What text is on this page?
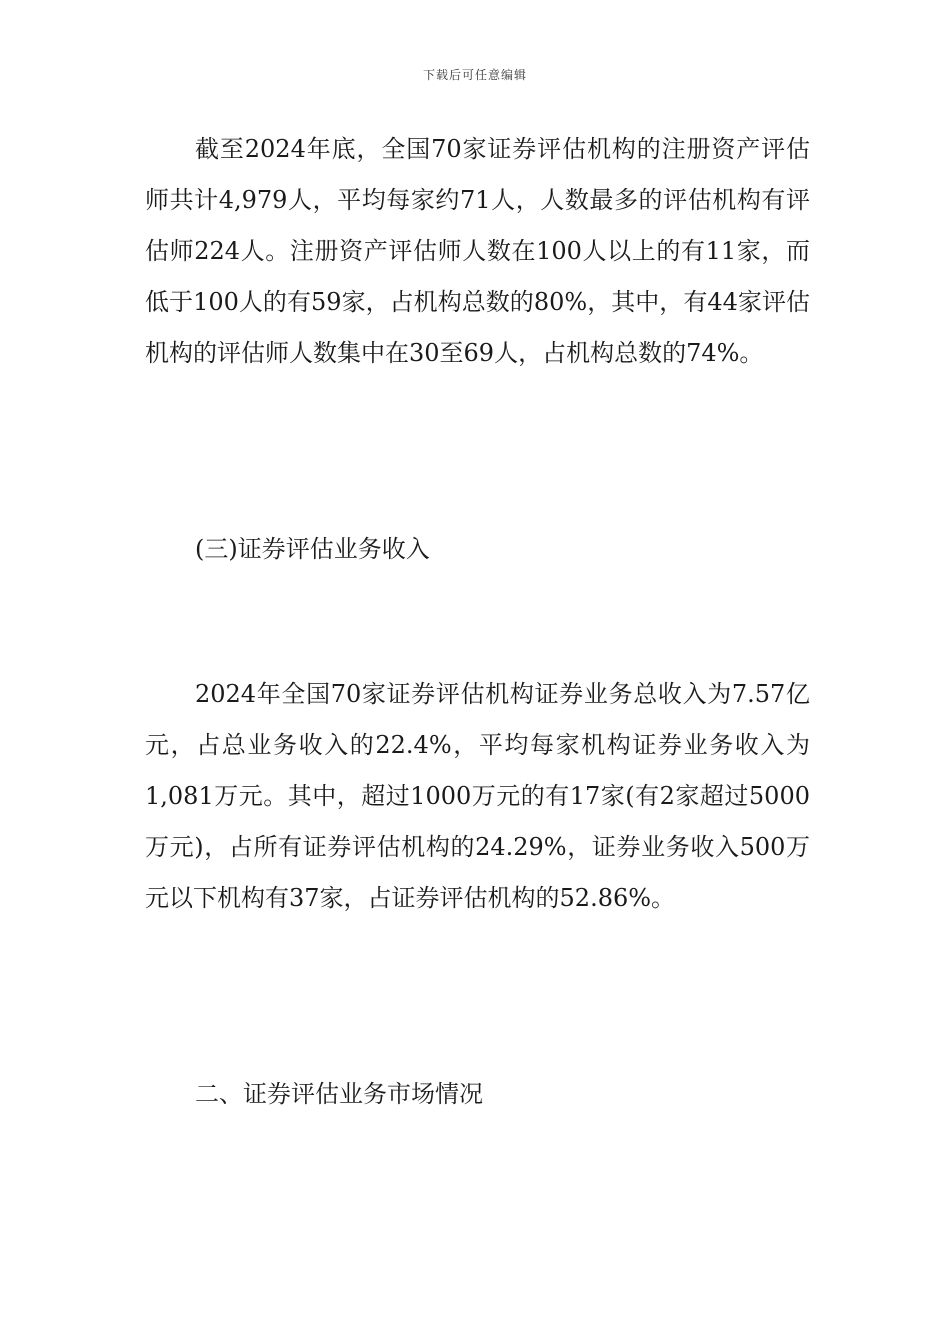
下载后可任意编辑

截至2024年底，全国70家证券评估机构的注册资产评估师共计4,979人，平均每家约71人，人数最多的评估机构有评估师224人。注册资产评估师人数在100人以上的有11家，而低于100人的有59家，占机构总数的80%，其中，有44家评估机构的评估师人数集中在30至69人，占机构总数的74%。

(三)证券评估业务收入

2024年全国70家证券评估机构证券业务总收入为7.57亿元，占总业务收入的22.4%，平均每家机构证券业务收入为1,081万元。其中，超过1000万元的有17家(有2家超过5000万元)，占所有证券评估机构的24.29%，证券业务收入500万元以下机构有37家，占证券评估机构的52.86%。

二、证券评估业务市场情况
